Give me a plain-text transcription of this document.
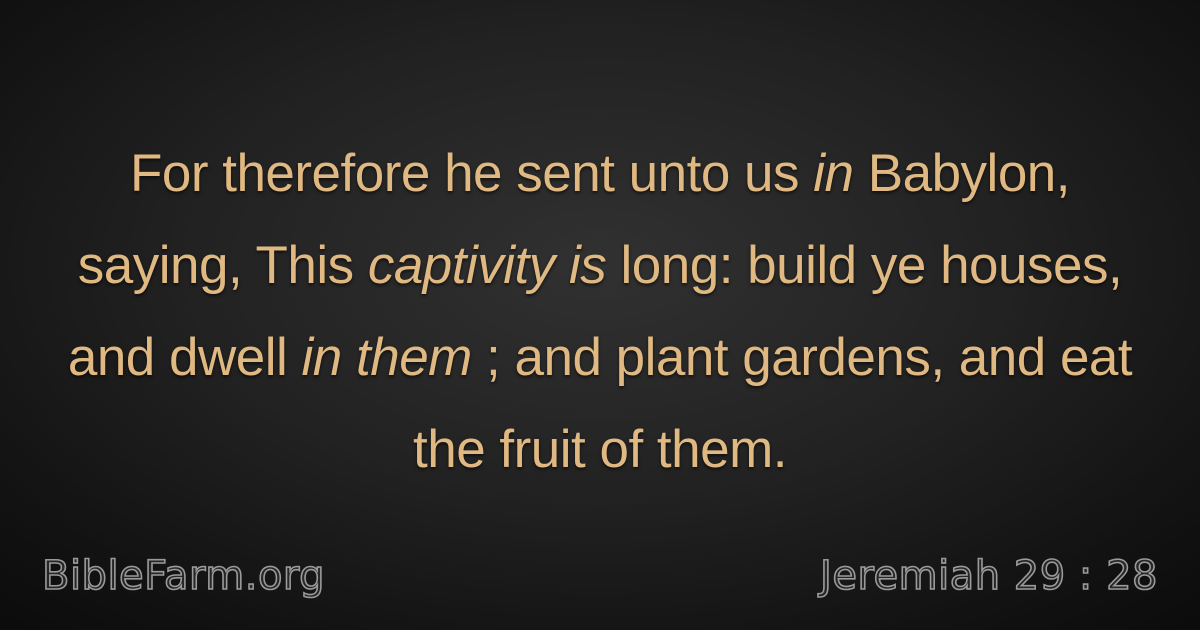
For therefore he sent unto us in Babylon, saying, This captivity is long: build ye houses, and dwell in them ; and plant gardens, and eat the fruit of them.
BibleFarm.org	Jeremiah 29 : 28
